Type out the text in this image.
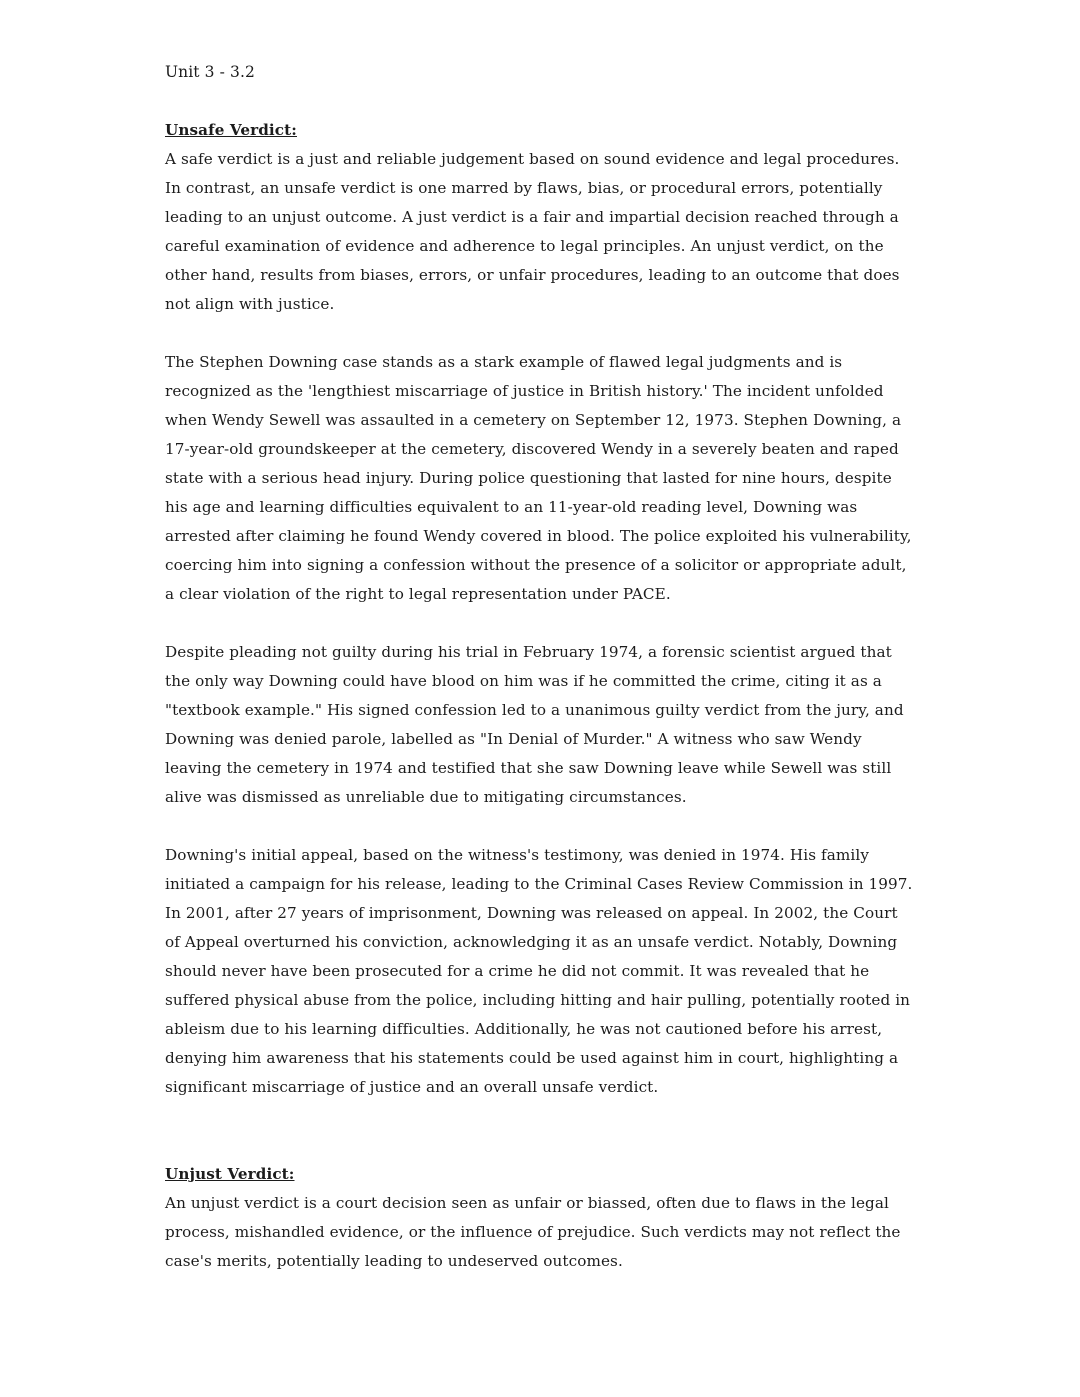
Unit 3 - 3.2

Unsafe Verdict:

A safe verdict is a just and reliable judgement based on sound evidence and legal procedures. In contrast, an unsafe verdict is one marred by flaws, bias, or procedural errors, potentially leading to an unjust outcome. A just verdict is a fair and impartial decision reached through a careful examination of evidence and adherence to legal principles. An unjust verdict, on the other hand, results from biases, errors, or unfair procedures, leading to an outcome that does not align with justice.

The Stephen Downing case stands as a stark example of flawed legal judgments and is recognized as the 'lengthiest miscarriage of justice in British history.' The incident unfolded when Wendy Sewell was assaulted in a cemetery on September 12, 1973. Stephen Downing, a 17-year-old groundskeeper at the cemetery, discovered Wendy in a severely beaten and raped state with a serious head injury. During police questioning that lasted for nine hours, despite his age and learning difficulties equivalent to an 11-year-old reading level, Downing was arrested after claiming he found Wendy covered in blood. The police exploited his vulnerability, coercing him into signing a confession without the presence of a solicitor or appropriate adult, a clear violation of the right to legal representation under PACE.

Despite pleading not guilty during his trial in February 1974, a forensic scientist argued that the only way Downing could have blood on him was if he committed the crime, citing it as a "textbook example." His signed confession led to a unanimous guilty verdict from the jury, and Downing was denied parole, labelled as "In Denial of Murder." A witness who saw Wendy leaving the cemetery in 1974 and testified that she saw Downing leave while Sewell was still alive was dismissed as unreliable due to mitigating circumstances.

Downing's initial appeal, based on the witness's testimony, was denied in 1974. His family initiated a campaign for his release, leading to the Criminal Cases Review Commission in 1997. In 2001, after 27 years of imprisonment, Downing was released on appeal. In 2002, the Court of Appeal overturned his conviction, acknowledging it as an unsafe verdict. Notably, Downing should never have been prosecuted for a crime he did not commit. It was revealed that he suffered physical abuse from the police, including hitting and hair pulling, potentially rooted in ableism due to his learning difficulties. Additionally, he was not cautioned before his arrest, denying him awareness that his statements could be used against him in court, highlighting a significant miscarriage of justice and an overall unsafe verdict.

Unjust Verdict:

An unjust verdict is a court decision seen as unfair or biassed, often due to flaws in the legal process, mishandled evidence, or the influence of prejudice. Such verdicts may not reflect the case's merits, potentially leading to undeserved outcomes.
